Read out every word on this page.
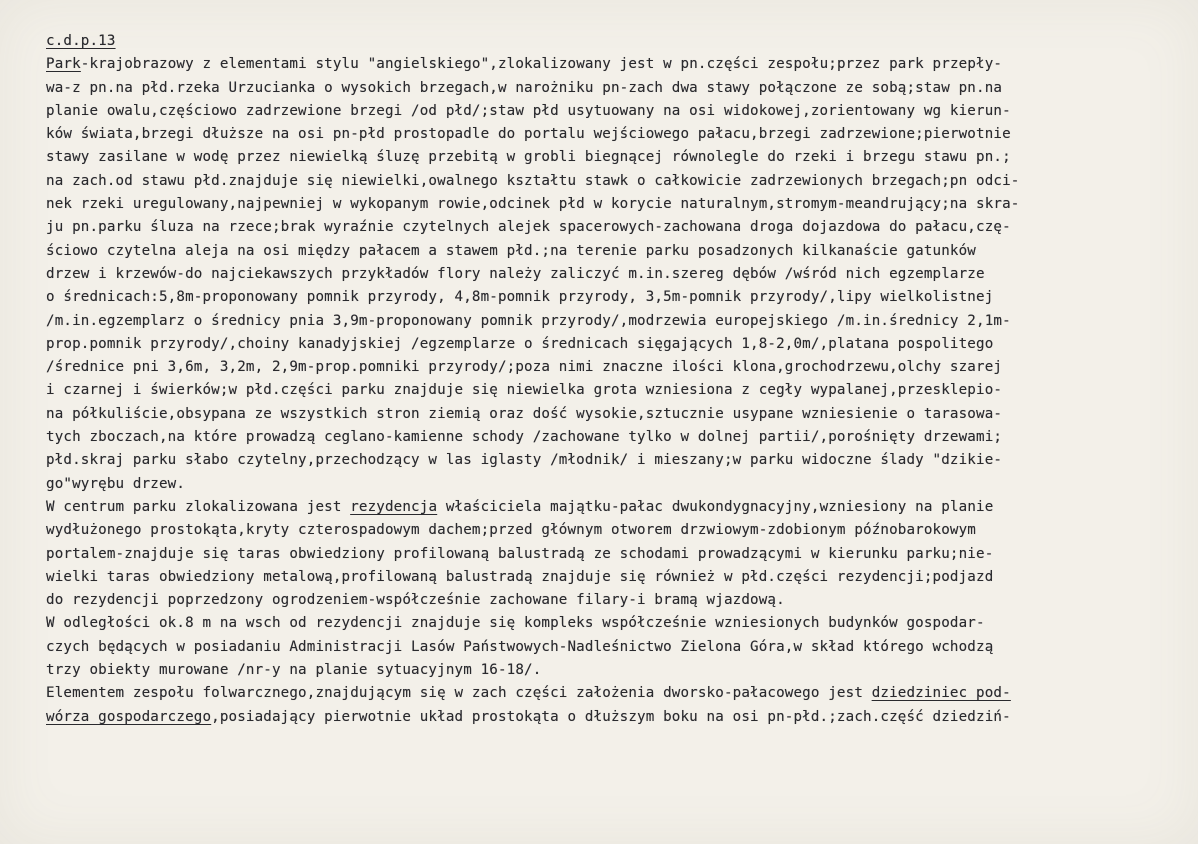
c.d.p.13
Park-krajobrazowy z elementami stylu "angielskiego",zlokalizowany jest w pn.części zespołu;przez park przepły-
wa-z pn.na płd.rzeka Urzucianka o wysokich brzegach,w narożniku pn-zach dwa stawy połączone ze sobą;staw pn.na
planie owalu,częściowo zadrzewione brzegi /od płd/;staw płd usytuowany na osi widokowej,zorientowany wg kierun-
ków świata,brzegi dłuższe na osi pn-płd prostopadle do portalu wejściowego pałacu,brzegi zadrzewione;pierwotnie
stawy zasilane w wodę przez niewielką śluzę przebitą w grobli biegnącej równolegle do rzeki i brzegu stawu pn.;
na zach.od stawu płd.znajduje się niewielki,owalnego kształtu stawk o całkowicie zadrzewionych brzegach;pn odci-
nek rzeki uregulowany,najpewniej w wykopanym rowie,odcinek płd w korycie naturalnym,stromym-meandrujący;na skra-
ju pn.parku śluza na rzece;brak wyraźnie czytelnych alejek spacerowych-zachowana droga dojazdowa do pałacu,czę-
ściowo czytelna aleja na osi między pałacem a stawem płd.;na terenie parku posadzonych kilkanaście gatunków
drzew i krzewów-do najciekawszych przykładów flory należy zaliczyć m.in.szereg dębów /wśród nich egzemplarze
o średnicach:5,8m-proponowany pomnik przyrody, 4,8m-pomnik przyrody, 3,5m-pomnik przyrody/,lipy wielkolistnej
/m.in.egzemplarz o średnicy pnia 3,9m-proponowany pomnik przyrody/,modrzewia europejskiego /m.in.średnicy 2,1m-
prop.pomnik przyrody/,choiny kanadyjskiej /egzemplarze o średnicach sięgających 1,8-2,0m/,platana pospolitego
/średnice pni 3,6m, 3,2m, 2,9m-prop.pomniki przyrody/;poza nimi znaczne ilości klona,grochodrzewu,olchy szarej
i czarnej i świerków;w płd.części parku znajduje się niewielka grota wzniesiona z cegły wypalanej,przesklepio-
na półkuliście,obsypana ze wszystkich stron ziemią oraz dość wysokie,sztucznie usypane wzniesienie o tarasowa-
tych zboczach,na które prowadzą ceglano-kamienne schody /zachowane tylko w dolnej partii/,porośnięty drzewami;
płd.skraj parku słabo czytelny,przechodzący w las iglasty /młodnik/ i mieszany;w parku widoczne ślady "dzikie-
go"wyrębu drzew.
W centrum parku zlokalizowana jest rezydencja właściciela majątku-pałac dwukondygnacyjny,wzniesiony na planie
wydłużonego prostokąta,kryty czterospadowym dachem;przed głównym otworem drzwiowym-zdobionym późnobarokowym
portalem-znajduje się taras obwiedziony profilowaną balustradą ze schodami prowadzącymi w kierunku parku;nie-
wielki taras obwiedziony metalową,profilowaną balustradą znajduje się również w płd.części rezydencji;podjazd
do rezydencji poprzedzony ogrodzeniem-współcześnie zachowane filary-i bramą wjazdową.
W odległości ok.8 m na wsch od rezydencji znajduje się kompleks współcześnie wzniesionych budynków gospodar-
czych będących w posiadaniu Administracji Lasów Państwowych-Nadleśnictwo Zielona Góra,w skład którego wchodzą
trzy obiekty murowane /nr-y na planie sytuacyjnym 16-18/.
Elementem zespołu folwarcznego,znajdującym się w zach części założenia dworsko-pałacowego jest dziedziniec pod-
wórza gospodarczego,posiadający pierwotnie układ prostokąta o dłuższym boku na osi pn-płd.;zach.część dziedziń-
